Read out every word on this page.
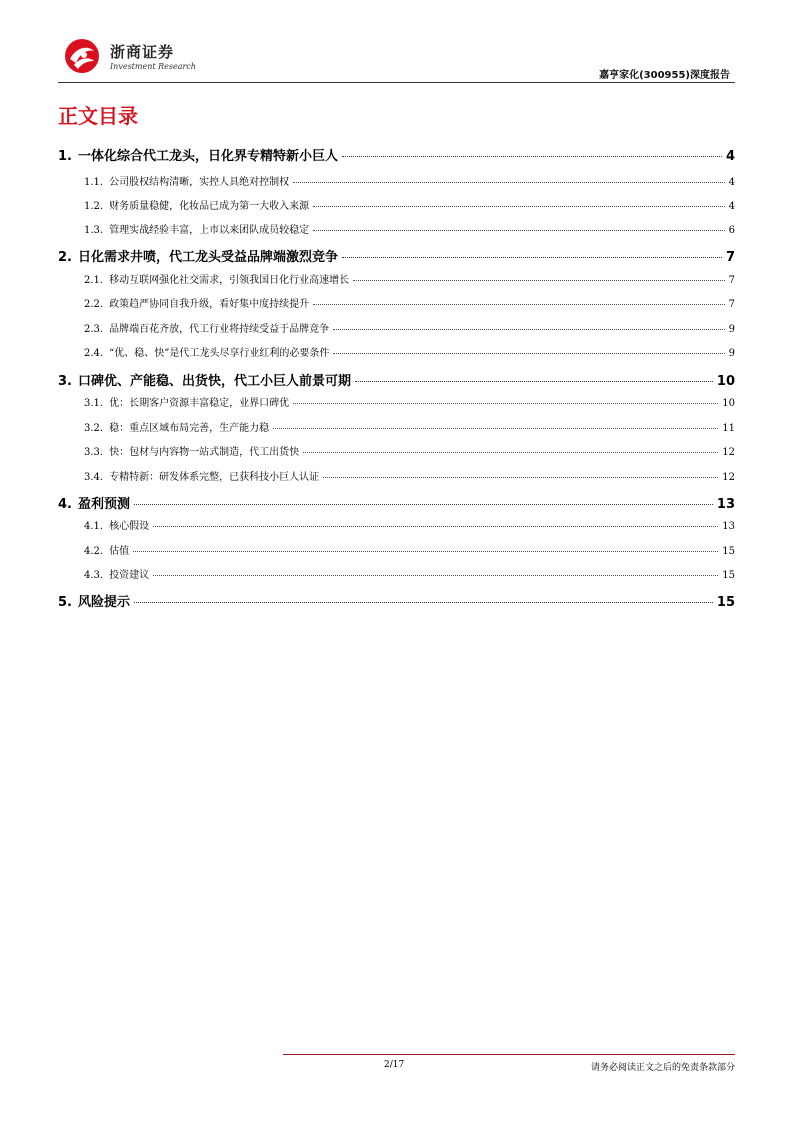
浙商证券
Investment Research
嘉亨家化(300955)深度报告
正文目录
1. 一体化综合代工龙头，日化界专精特新小巨人	4
1.1. 公司股权结构清晰，实控人具绝对控制权	4
1.2. 财务质量稳健，化妆品已成为第一大收入来源	4
1.3. 管理实战经验丰富，上市以来团队成员较稳定	6
2. 日化需求井喷，代工龙头受益品牌端激烈竞争	7
2.1. 移动互联网强化社交需求，引领我国日化行业高速增长	7
2.2. 政策趋严协同自我升级，看好集中度持续提升	7
2.3. 品牌端百花齐放，代工行业将持续受益于品牌竞争	9
2.4. “优、稳、快”是代工龙头尽享行业红利的必要条件	9
3. 口碑优、产能稳、出货快，代工小巨人前景可期	10
3.1. 优：长期客户资源丰富稳定，业界口碑优	10
3.2. 稳：重点区域布局完善，生产能力稳	11
3.3. 快：包材与内容物一站式制造，代工出货快	12
3.4. 专精特新：研发体系完整，已获科技小巨人认证	12
4. 盈利预测	13
4.1. 核心假设	13
4.2. 估值	15
4.3. 投资建议	15
5. 风险提示	15
2/17	请务必阅读正文之后的免责条款部分
